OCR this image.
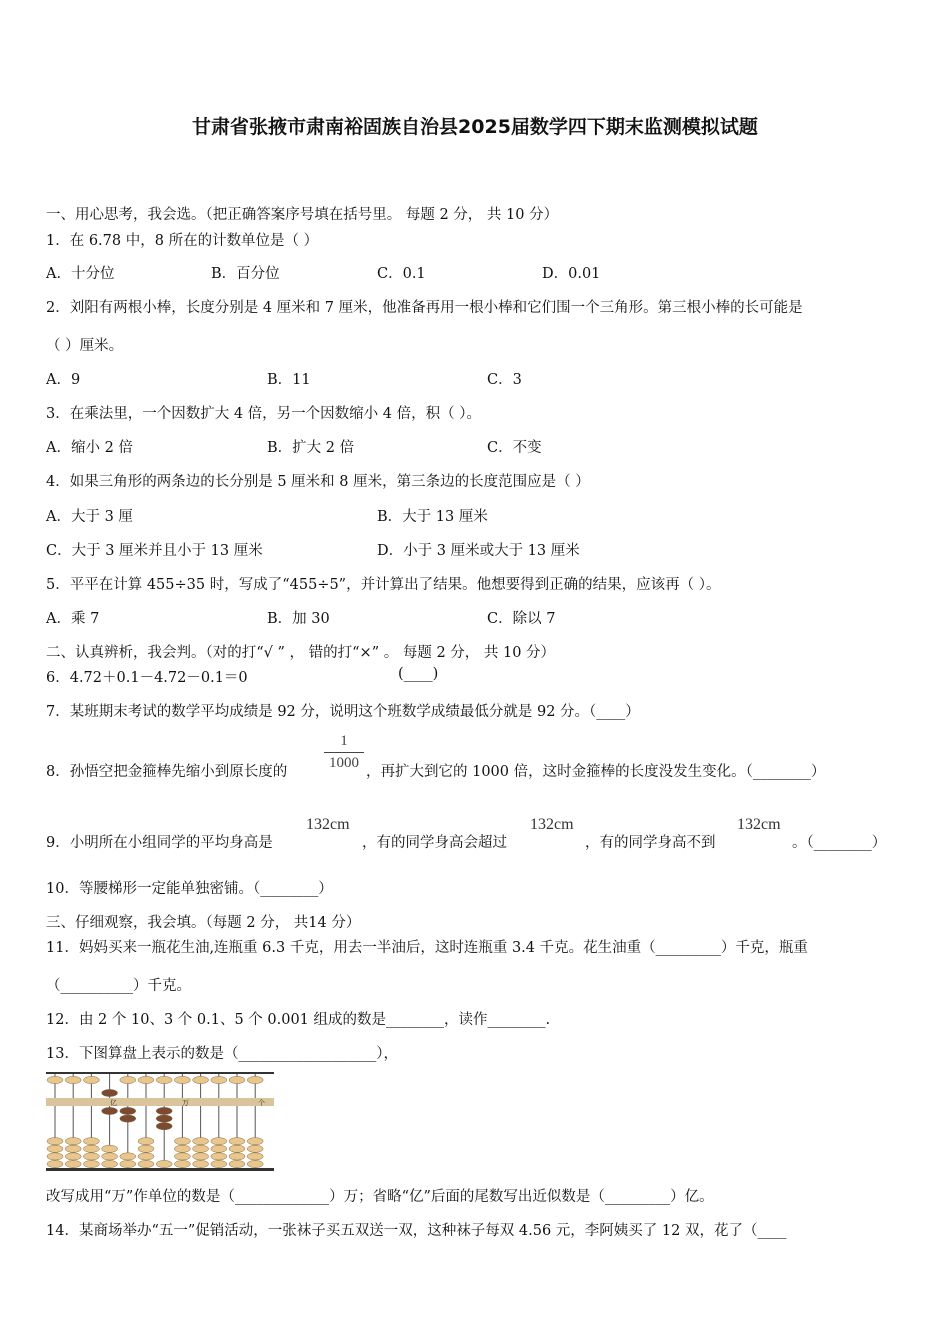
甘肃省张掖市肃南裕固族自治县2025届数学四下期末监测模拟试题
一、用心思考，我会选。（把正确答案序号填在括号里。 每题 2 分， 共 10 分）
1．在 6.78 中，8 所在的计数单位是（ ）
A．十分位	B．百分位	C．0.1	D．0.01
2．刘阳有两根小棒，长度分别是 4 厘米和 7 厘米，他准备再用一根小棒和它们围一个三角形。第三根小棒的长可能是
（ ）厘米。
A．9	B．11	C．3
3．在乘法里，一个因数扩大 4 倍，另一个因数缩小 4 倍，积（ ）。
A．缩小 2 倍	B．扩大 2 倍	C．不变
4．如果三角形的两条边的长分别是 5 厘米和 8 厘米，第三条边的长度范围应是（ ）
A．大于 3 厘	B．大于 13 厘米
C．大于 3 厘米并且小于 13 厘米	D．小于 3 厘米或大于 13 厘米
5．平平在计算 455÷35 时，写成了“455÷5”，并计算出了结果。他想要得到正确的结果，应该再（ ）。
A．乘 7	B．加 30	C．除以 7
二、认真辨析，我会判。（对的打“√ ” ， 错的打“×” 。 每题 2 分， 共 10 分）
6．4.72＋0.1－4.72－0.1＝0	(____)
7．某班期末考试的数学平均成绩是 92 分，说明这个班数学成绩最低分就是 92 分。（____）
8．孙悟空把金箍棒先缩小到原长度的
1
1000
，再扩大到它的 1000 倍，这时金箍棒的长度没发生变化。（________）
9．小明所在小组同学的平均身高是
132cm
，有的同学身高会超过
132cm
，有的同学身高不到
132cm
。（________）
10．等腰梯形一定能单独密铺。（________）
三、仔细观察，我会填。（每题 2 分， 共14 分）
11．妈妈买来一瓶花生油,连瓶重 6.3 千克，用去一半油后，这时连瓶重 3.4 千克。花生油重（_________）千克，瓶重
（__________）千克。
12．由 2 个 10、3 个 0.1、5 个 0.001 组成的数是________，读作________.
13．下图算盘上表示的数是（___________________），
亿	万	个
改写成用“万”作单位的数是（_____________）万；省略“亿”后面的尾数写出近似数是（_________）亿。
14．某商场举办“五一”促销活动，一张袜子买五双送一双，这种袜子每双 4.56 元，李阿姨买了 12 双，花了（____
